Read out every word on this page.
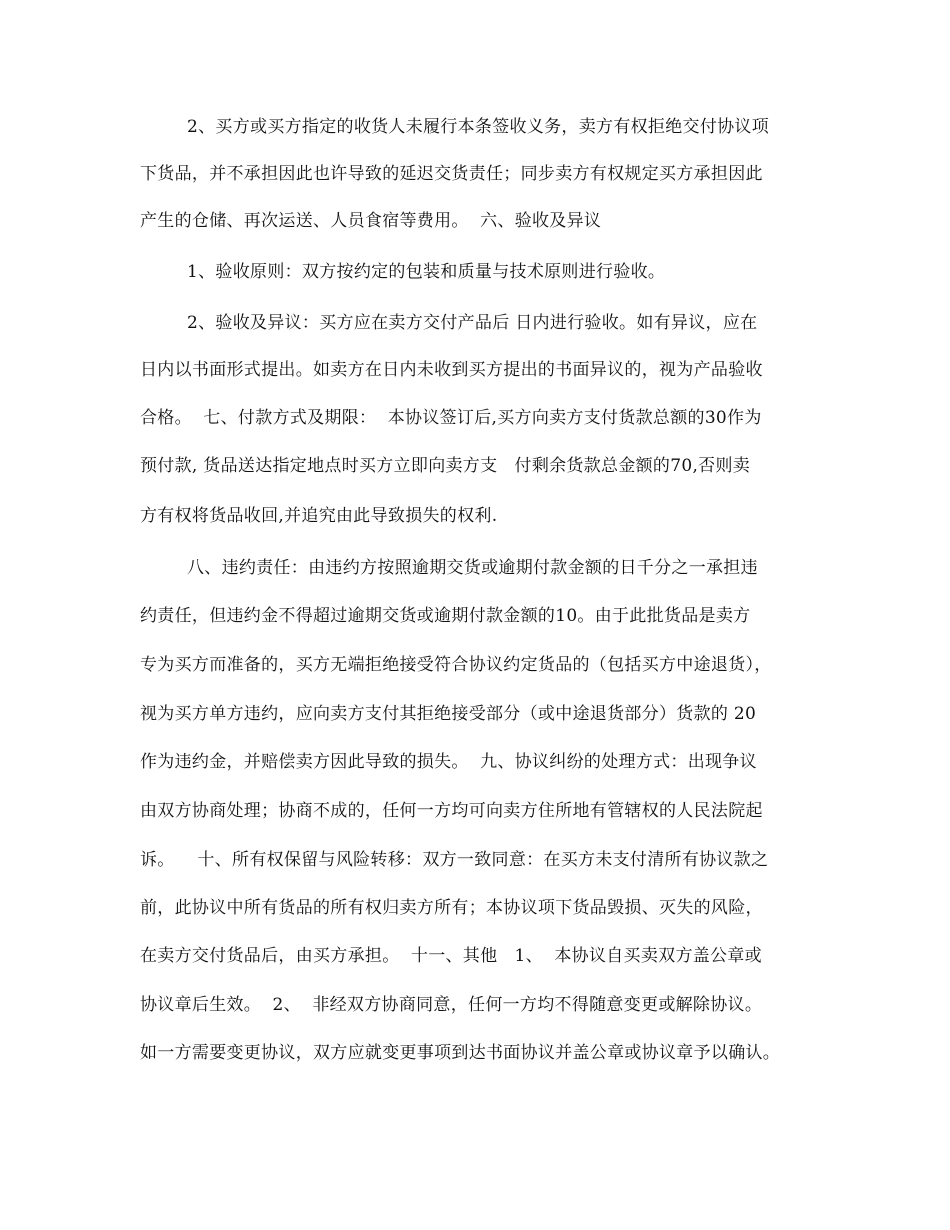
2、买方或买方指定的收货人未履行本条签收义务，卖方有权拒绝交付协议项
下货品，并不承担因此也许导致的延迟交货责任；同步卖方有权规定买方承担因此
产生的仓储、再次运送、人员食宿等费用。  六、验收及异议
1、验收原则：双方按约定的包装和质量与技术原则进行验收。
2、验收及异议：买方应在卖方交付产品后 日内进行验收。如有异议，应在
日内以书面形式提出。如卖方在日内未收到买方提出的书面异议的，视为产品验收
合格。  七、付款方式及期限：  本协议签订后,买方向卖方支付货款总额的30作为
预付款, 货品送达指定地点时买方立即向卖方支   付剩余货款总金额的70,否则卖
方有权将货品收回,并追究由此导致损失的权利.
八、违约责任：由违约方按照逾期交货或逾期付款金额的日千分之一承担违
约责任，但违约金不得超过逾期交货或逾期付款金额的10。由于此批货品是卖方
专为买方而准备的，买方无端拒绝接受符合协议约定货品的（包括买方中途退货），
视为买方单方违约，应向卖方支付其拒绝接受部分（或中途退货部分）货款的 20
作为违约金，并赔偿卖方因此导致的损失。  九、协议纠纷的处理方式：出现争议
由双方协商处理；协商不成的，任何一方均可向卖方住所地有管辖权的人民法院起
诉。    十、所有权保留与风险转移：双方一致同意：在买方未支付清所有协议款之
前，此协议中所有货品的所有权归卖方所有；本协议项下货品毁损、灭失的风险，
在卖方交付货品后，由买方承担。  十一、其他   1、  本协议自买卖双方盖公章或
协议章后生效。  2、  非经双方协商同意，任何一方均不得随意变更或解除协议。
如一方需要变更协议，双方应就变更事项到达书面协议并盖公章或协议章予以确认。
